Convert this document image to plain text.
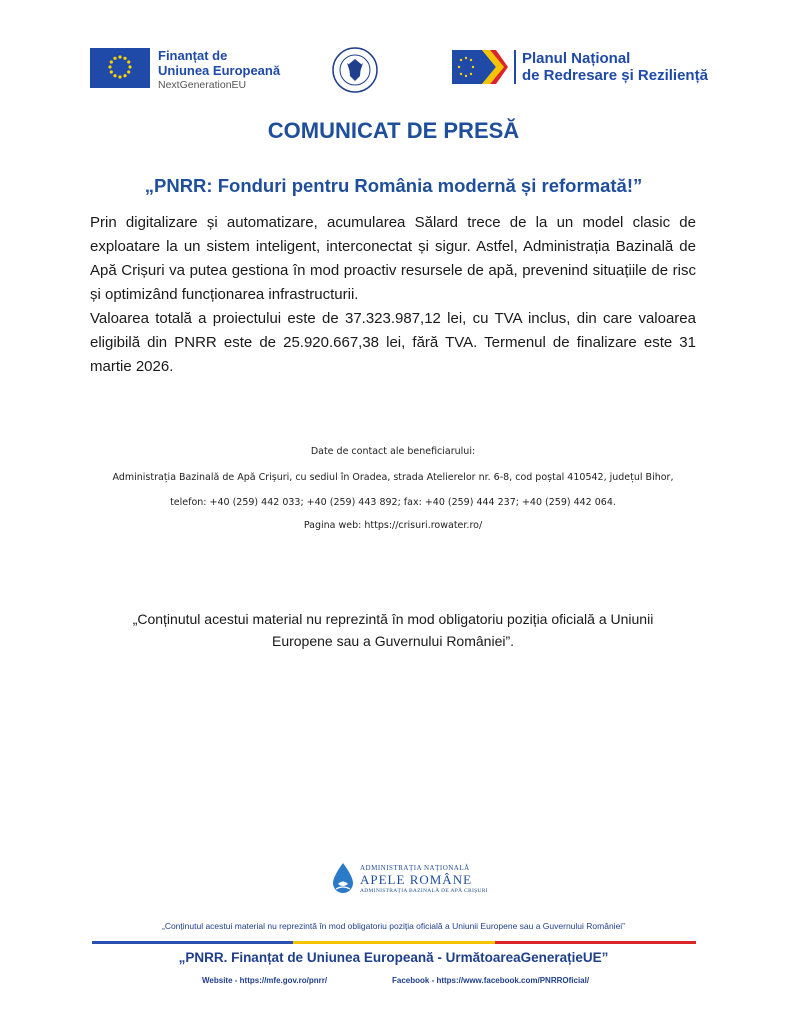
Finanțat de
Uniunea Europeană
NextGenerationEU
Planul Național
de Redresare și Reziliență
COMUNICAT DE PRESĂ
„PNRR: Fonduri pentru România modernă și reformată!”
Prin digitalizare și automatizare, acumularea Sălard trece de la un model clasic de exploatare la un sistem inteligent, interconectat și sigur. Astfel, Administrația Bazinală de Apă Crișuri va putea gestiona în mod proactiv resursele de apă, prevenind situațiile de risc și optimizând funcționarea infrastructurii.
Valoarea totală a proiectului este de 37.323.987,12 lei, cu TVA inclus, din care valoarea eligibilă din PNRR este de 25.920.667,38 lei, fără TVA. Termenul de finalizare este 31 martie 2026.
Date de contact ale beneficiarului:
Administrația Bazinală de Apă Crișuri, cu sediul în Oradea, strada Atelierelor nr. 6-8, cod poștal 410542, județul Bihor,
telefon: +40 (259) 442 033; +40 (259) 443 892; fax: +40 (259) 444 237; +40 (259) 442 064.
Pagina web: https://crisuri.rowater.ro/
„Conținutul acestui material nu reprezintă în mod obligatoriu poziția oficială a Uniunii Europene sau a Guvernului României”.
ADMINISTRAȚIA NAȚIONALĂ
APELE ROMÂNE
ADMINISTRAȚIA BAZINALĂ DE APĂ CRIȘURI
„Conținutul acestui material nu reprezintă în mod obligatoriu poziția oficială a Uniunii Europene sau a Guvernului României”
„PNRR. Finanțat de Uniunea Europeană - UrmătoareaGenerațieUE”
Website - https://mfe.gov.ro/pnrr/	Facebook - https://www.facebook.com/PNRROficial/
